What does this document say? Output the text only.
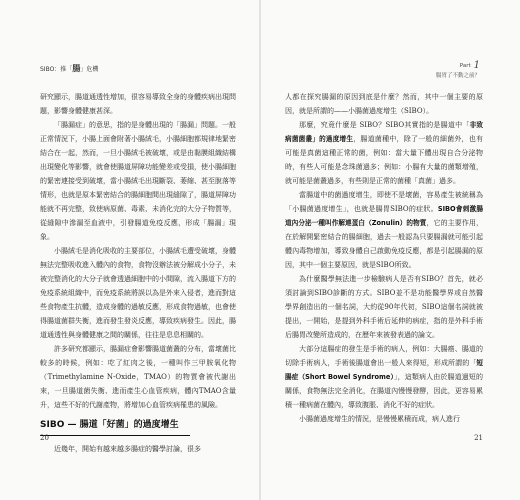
SIBO：推「腸」危機

研究顯示，腸道通透性增加，很容易導致全身的身體疾病出現問題，影響身體健康甚深。

「腸漏症」的意思，指的是身體出現的「腸漏」問題。一般正常情況下，小腸上面會附著小腸絨毛，小腸細胞都規律地緊密結合在一起，然而，一旦小腸絨毛被破壞，或是由黏膜組織結構出現變化等影響，就會使腸道屏障功能變差或受損，使小腸細胞的緊密連接受到破壞，當小腸絨毛出現斷裂、萎縮、甚至脫落等情形，也就是原本緊密結合的腸細胞間出現縫隙了，腸道屏障功能就不再完整，致使病原菌、毒素、未消化完的大分子物質等，從縫隙中滲漏至血液中，引發腸道免疫反應，形成「腸漏」現象。

小腸絨毛是消化吸收的主要部位，小腸絨毛遭受破壞，身體無法完整吸收進入體內的食物，食物沒辦法被分解成小分子，未被完整消化的大分子就會透過細胞中的小間隙，流入腸道下方的免疫系統組織中，而免疫系統將誤以為是外來入侵者，進而對這些食物產生抗體，造成身體的過敏反應，形成食物過敏，也會使得腸道菌群失衡，進而發生發炎反應，導致疾病發生。因此，腸道通透性與身體健康之間的關係，往往是息息相關的。

許多研究都顯示，腸漏症會影響腸道菌叢的分布，當壞菌比較多的時候，例如：吃了紅肉之後，一種叫作三甲胺氧化物（Trimethylamine N-Oxide，TMAO）的物質會被代謝出來，一旦腸道菌失衡、進而產生心血管疾病，體內TMAO含量升，這些不好的代謝產物，將增加心血管疾病罹患的風險。

SIBO — 腸道「好菌」的過度增生

近幾年，開始有越來越多腸症的醫學討論，很多

20
Part 1
腸胃了不動之前？

人都在探究腸漏的原因到底是什麼？然而，其中一個主要的原因，就是所謂的——小腸菌過度增生（SIBO）。

那麼，究竟什麼是 SIBO？SIBO其實指的是腸道中「非致病菌菌叢」的過度增生，腸道菌種中，除了一般的細菌外，也有可能是真菌這種正常的菌，例如：當大量下體出現自合分泌物時，有些人可能是念珠菌過多；例如：小腸有大量的菌類增殖，就可能是菌叢過多，有些則是正常的菌種「真菌」過多。

當腸道中的菌過度增生，即使不是壞菌，容易產生被統稱為「小腸菌過度增生」，也就是腸胃SIBO的症狀。SIBO會刺激腸道內分泌一種叫作解連蛋白（Zonulin）的物質，它的主要作用，在於解開緊密結合的腸細胞，過去一般認為只要腸漏就可能引起體內毒物增加，導致身體自己啟動免疫反應，都是引起腸漏的原因，其中一個主要原因，就是SIBO所致。

為什麼醫學無法進一步檢驗病人是否有SIBO？首先，就必須討論到SIBO診斷的方式。SIBO並不是功能醫學界或自然醫學界創造出的一個名詞，大約從90年代初，SIBO這個名詞就被提出，一開始，是提到外科手術后延伸的病症，指的是外科手術后腸胃改變所造成的，在歷年來被發表過的論文。

大部分這腸症的發生是手術的病人，例如：大腸癌、腸道的切除手術病人，手術後腸道會出一般人來得短，形成所謂的「短腸症（Short Bowel Syndrome）」，這類病人由於腸道過短的關係，食物無法完全消化，在腸道內慢慢發酵，因此，更容易累積一種病菌在體內，導致腹脹、消化不好的症狀。

小腸菌過度增生的情況，是慢慢累積而成，病人進行

21
